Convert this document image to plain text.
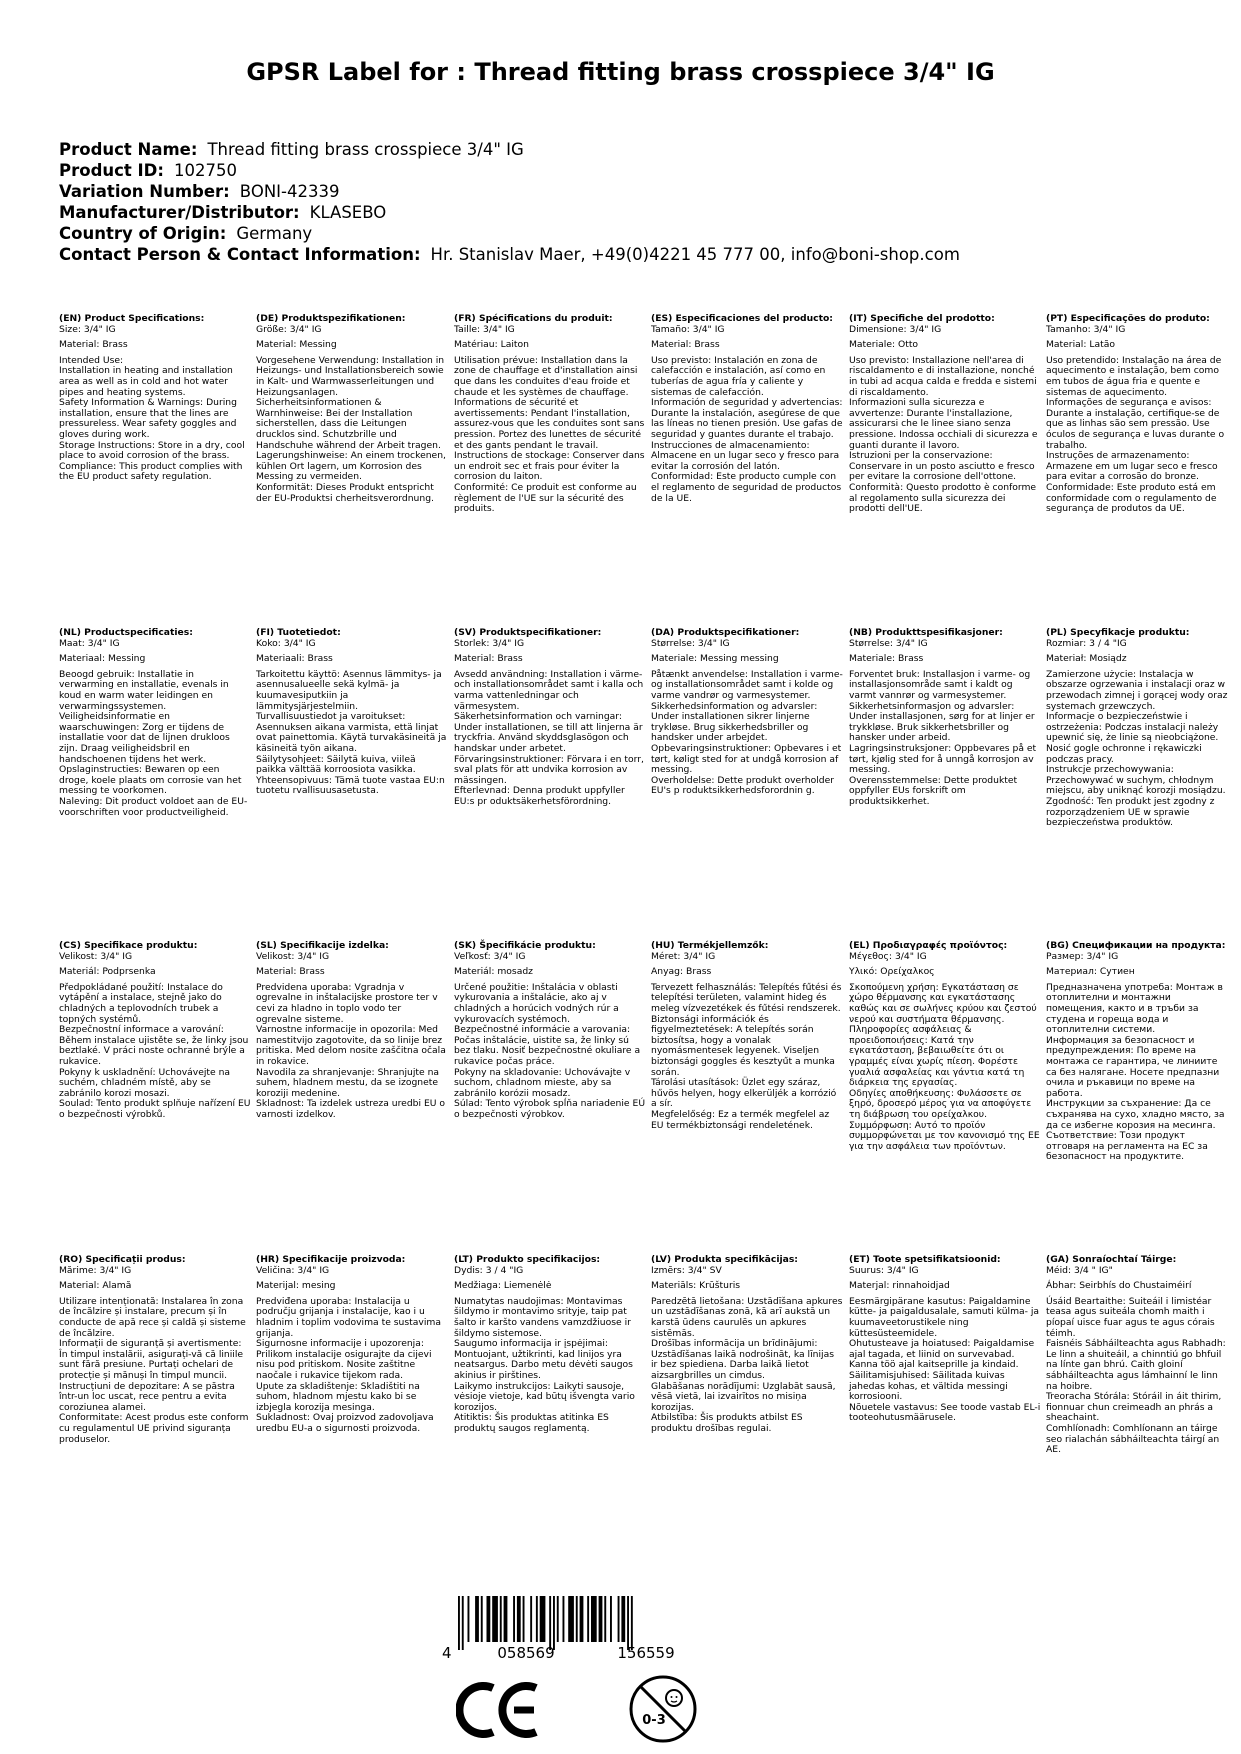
GPSR Label for : Thread fitting brass crosspiece 3/4" IG
Product Name: Thread fitting brass crosspiece 3/4" IG
Product ID: 102750
Variation Number: BONI-42339
Manufacturer/Distributor: KLASEBO
Country of Origin: Germany
Contact Person & Contact Information: Hr. Stanislav Maer, +49(0)4221 45 777 00, info@boni-shop.com

(EN) Product Specifications:

Size: 3/4" IG

Material: Brass

Intended Use:
Installation in heating and installation area as well as in cold and hot water pipes and heating systems.
Safety Information & Warnings: During installation, ensure that the lines are pressureless. Wear safety goggles and gloves during work.
Storage Instructions: Store in a dry, cool place to avoid corrosion of the brass.
Compliance: This product complies with the EU product safety regulation.

(DE) Produktspezifikationen:

Größe: 3/4" IG

Material: Messing

Vorgesehene Verwendung: Installation in Heizungs- und Installationsbereich sowie in Kalt- und Warmwasserleitungen und Heizungsanlagen.
Sicherheitsinformationen & Warnhinweise: Bei der Installation sicherstellen, dass die Leitungen drucklos sind. Schutzbrille und Handschuhe während der Arbeit tragen.
Lagerungshinweise: An einem trockenen, kühlen Ort lagern, um Korrosion des Messing zu vermeiden.
Konformität: Dieses Produkt entspricht der EU-Produktsi cherheitsverordnung.

(FR) Spécifications du produit:

Taille: 3/4" IG

Matériau: Laiton

Utilisation prévue: Installation dans la zone de chauffage et d'installation ainsi que dans les conduites d'eau froide et chaude et les systèmes de chauffage.
Informations de sécurité et avertissements: Pendant l'installation, assurez-vous que les conduites sont sans pression. Portez des lunettes de sécurité et des gants pendant le travail.
Instructions de stockage: Conserver dans un endroit sec et frais pour éviter la corrosion du laiton.
Conformité: Ce produit est conforme au règlement de l'UE sur la sécurité des produits.

(ES) Especificaciones del producto:

Tamaño: 3/4" IG

Material: Brass

Uso previsto: Instalación en zona de calefacción e instalación, así como en tuberías de agua fría y caliente y sistemas de calefacción.
Información de seguridad y advertencias: Durante la instalación, asegúrese de que las líneas no tienen presión. Use gafas de seguridad y guantes durante el trabajo.
Instrucciones de almacenamiento: Almacene en un lugar seco y fresco para evitar la corrosión del latón.
Conformidad: Este producto cumple con el reglamento de seguridad de productos de la UE.

(IT) Specifiche del prodotto:

Dimensione: 3/4" IG

Materiale: Otto

Uso previsto: Installazione nell'area di riscaldamento e di installazione, nonché in tubi ad acqua calda e fredda e sistemi di riscaldamento.
Informazioni sulla sicurezza e avvertenze: Durante l'installazione, assicurarsi che le linee siano senza pressione. Indossa occhiali di sicurezza e guanti durante il lavoro.
Istruzioni per la conservazione: Conservare in un posto asciutto e fresco per evitare la corrosione dell'ottone.
Conformità: Questo prodotto è conforme al regolamento sulla sicurezza dei prodotti dell'UE.

(PT) Especificações do produto:

Tamanho: 3/4" IG

Material: Latão

Uso pretendido: Instalação na área de aquecimento e instalação, bem como em tubos de água fria e quente e sistemas de aquecimento.
Informações de segurança e avisos: Durante a instalação, certifique-se de que as linhas são sem pressão. Use óculos de segurança e luvas durante o trabalho.
Instruções de armazenamento: Armazene em um lugar seco e fresco para evitar a corrosão do bronze.
Conformidade: Este produto está em conformidade com o regulamento de segurança de produtos da UE.

(NL) Productspecificaties:

Maat: 3/4" IG

Materiaal: Messing

Beoogd gebruik: Installatie in verwarming en installatie, evenals in koud en warm water leidingen en verwarmingssystemen.
Veiligheidsinformatie en waarschuwingen: Zorg er tijdens de installatie voor dat de lijnen drukloos zijn. Draag veiligheidsbril en handschoenen tijdens het werk.
Opslaginstructies: Bewaren op een droge, koele plaats om corrosie van het messing te voorkomen.
Naleving: Dit product voldoet aan de EU-voorschriften voor productveiligheid.

(FI) Tuotetiedot:

Koko: 3/4" IG

Materiaali: Brass

Tarkoitettu käyttö: Asennus lämmitys- ja asennusalueelle sekä kylmä- ja kuumavesiputkiin ja lämmitysjärjestelmiin.
Turvallisuustiedot ja varoitukset: Asennuksen aikana varmista, että linjat ovat painettomia. Käytä turvakäsineitä ja käsineitä työn aikana.
Säilytysohjeet: Säilytä kuiva, viileä paikka välttää korroosiota vasikka.
Yhteensopivuus: Tämä tuote vastaa EU:n tuotetu rvallisuusasetusta.

(SV) Produktspecifikationer:

Storlek: 3/4" IG

Material: Brass

Avsedd användning: Installation i värme- och installationsområdet samt i kalla och varma vattenledningar och värmesystem.
Säkerhetsinformation och varningar: Under installationen, se till att linjerna är tryckfria. Använd skyddsglasögon och handskar under arbetet.
Förvaringsinstruktioner: Förvara i en torr, sval plats för att undvika korrosion av mässingen.
Efterlevnad: Denna produkt uppfyller EU:s pr oduktsäkerhetsförordning.

(DA) Produktspecifikationer:

Størrelse: 3/4" IG

Materiale: Messing messing

Påtænkt anvendelse: Installation i varme- og installationsområdet samt i kolde og varme vandrør og varmesystemer.
Sikkerhedsinformation og advarsler: Under installationen sikrer linjerne trykløse. Brug sikkerhedsbriller og handsker under arbejdet.
Opbevaringsinstruktioner: Opbevares i et tørt, køligt sted for at undgå korrosion af messing.
Overholdelse: Dette produkt overholder EU's p roduktsikkerhedsforordnin g.

(NB) Produkttspesifikasjoner:

Størrelse: 3/4" IG

Materiale: Brass

Forventet bruk: Installasjon i varme- og installasjonsområde samt i kaldt og varmt vannrør og varmesystemer.
Sikkerhetsinformasjon og advarsler: Under installasjonen, sørg for at linjer er trykkløse. Bruk sikkerhetsbriller og hansker under arbeid.
Lagringsinstruksjoner: Oppbevares på et tørt, kjølig sted for å unngå korrosjon av messing.
Overensstemmelse: Dette produktet oppfyller EUs forskrift om produktsikkerhet.

(PL) Specyfikacje produktu:

Rozmiar: 3 / 4 "IG

Materiał: Mosiądz

Zamierzone użycie: Instalacja w obszarze ogrzewania i instalacji oraz w przewodach zimnej i gorącej wody oraz systemach grzewczych.
Informacje o bezpieczeństwie i ostrzeżenia: Podczas instalacji należy upewnić się, że linie są nieobciążone. Nosić gogle ochronne i rękawiczki podczas pracy.
Instrukcje przechowywania: Przechowywać w suchym, chłodnym miejscu, aby uniknąć korozji mosiądzu.
Zgodność: Ten produkt jest zgodny z rozporządzeniem UE w sprawie bezpieczeństwa produktów.

(CS) Specifikace produktu:

Velikost: 3/4" IG

Materiál: Podprsenka

Předpokládané použití: Instalace do vytápění a instalace, stejně jako do chladných a teplovodních trubek a topných systémů.
Bezpečnostní informace a varování: Během instalace ujistěte se, že linky jsou beztlaké. V práci noste ochranné brýle a rukavice.
Pokyny k uskladnění: Uchovávejte na suchém, chladném místě, aby se zabránilo korozi mosazi.
Soulad: Tento produkt splňuje nařízení EU o bezpečnosti výrobků.

(SL) Specifikacije izdelka:

Velikost: 3/4" IG

Material: Brass

Predvidena uporaba: Vgradnja v ogrevalne in inštalacijske prostore ter v cevi za hladno in toplo vodo ter ogrevalne sisteme.
Varnostne informacije in opozorila: Med namestitvijo zagotovite, da so linije brez pritiska. Med delom nosite zaščitna očala in rokavice.
Navodila za shranjevanje: Shranjujte na suhem, hladnem mestu, da se izognete koroziji medenine.
Skladnost: Ta izdelek ustreza uredbi EU o varnosti izdelkov.

(SK) Špecifikácie produktu:

Veľkosť: 3/4" IG

Materiál: mosadz

Určené použitie: Inštalácia v oblasti vykurovania a inštalácie, ako aj v chladných a horúcich vodných rúr a vykurovacích systémoch.
Bezpečnostné informácie a varovania: Počas inštalácie, uistite sa, že linky sú bez tlaku. Nosiť bezpečnostné okuliare a rukavice počas práce.
Pokyny na skladovanie: Uchovávajte v suchom, chladnom mieste, aby sa zabránilo korózii mosadz.
Súlad: Tento výrobok spĺňa nariadenie EÚ o bezpečnosti výrobkov.

(HU) Termékjellemzők:

Méret: 3/4" IG

Anyag: Brass

Tervezett felhasználás: Telepítés fűtési és telepítési területen, valamint hideg és meleg vízvezetékek és fűtési rendszerek.
Biztonsági információk és figyelmeztetések: A telepítés során biztosítsa, hogy a vonalak nyomásmentesek legyenek. Viseljen biztonsági goggles és kesztyűt a munka során.
Tárolási utasítások: Üzlet egy száraz, hűvös helyen, hogy elkerüljék a korrózió a sír.
Megfelelőség: Ez a termék megfelel az EU termékbiztonsági rendeletének.

(EL) Προδιαγραφές προϊόντος:

Μέγεθος: 3/4" IG

Υλικό: Ορείχαλκος

Σκοπούμενη χρήση: Εγκατάσταση σε χώρο θέρμανσης και εγκατάστασης καθώς και σε σωλήνες κρύου και ζεστού νερού και συστήματα θέρμανσης.
Πληροφορίες ασφάλειας & προειδοποιήσεις: Κατά την εγκατάσταση, βεβαιωθείτε ότι οι γραμμές είναι χωρίς πίεση. Φορέστε γυαλιά ασφαλείας και γάντια κατά τη διάρκεια της εργασίας.
Οδηγίες αποθήκευσης: Φυλάσσετε σε ξηρό, δροσερό μέρος για να αποφύγετε τη διάβρωση του ορείχαλκου.
Συμμόρφωση: Αυτό το προϊόν συμμορφώνεται με τον κανονισμό της ΕΕ για την ασφάλεια των προϊόντων.

(BG) Спецификации на продукта:

Размер: 3/4" IG

Материал: Сутиен

Предназначена употреба: Монтаж в отоплителни и монтажни помещения, както и в тръби за студена и гореща вода и отоплителни системи.
Информация за безопасност и предупреждения: По време на монтажа се гарантира, че линиите са без налягане. Носете предпазни очила и ръкавици по време на работа.
Инструкции за съхранение: Да се съхранява на сухо, хладно място, за да се избегне корозия на месинга.
Съответствие: Този продукт отговаря на регламента на ЕС за безопасност на продуктите.

(RO) Specificații produs:

Mărime: 3/4" IG

Material: Alamă

Utilizare intenționată: Instalarea în zona de încălzire și instalare, precum și în conducte de apă rece și caldă și sisteme de încălzire.
Informații de siguranță și avertismente: În timpul instalării, asigurați-vă că liniile sunt fără presiune. Purtați ochelari de protecție și mănuși în timpul muncii.
Instrucțiuni de depozitare: A se păstra într-un loc uscat, rece pentru a evita coroziunea alamei.
Conformitate: Acest produs este conform cu regulamentul UE privind siguranța produselor.

(HR) Specifikacije proizvoda:

Veličina: 3/4" IG

Materijal: mesing

Predviđena uporaba: Instalacija u području grijanja i instalacije, kao i u hladnim i toplim vodovima te sustavima grijanja.
Sigurnosne informacije i upozorenja: Prilikom instalacije osigurajte da cijevi nisu pod pritiskom. Nosite zaštitne naočale i rukavice tijekom rada.
Upute za skladištenje: Skladištiti na suhom, hladnom mjestu kako bi se izbjegla korozija mesinga.
Sukladnost: Ovaj proizvod zadovoljava uredbu EU-a o sigurnosti proizvoda.

(LT) Produkto specifikacijos:

Dydis: 3 / 4 "IG

Medžiaga: Liemenėlė

Numatytas naudojimas: Montavimas šildymo ir montavimo srityje, taip pat šalto ir karšto vandens vamzdžiuose ir šildymo sistemose.
Saugumo informacija ir įspėjimai: Montuojant, užtikrinti, kad linijos yra neatsargus. Darbo metu dėvėti saugos akinius ir pirštines.
Laikymo instrukcijos: Laikyti sausoje, vėsioje vietoje, kad būtų išvengta vario korozijos.
Atitiktis: Šis produktas atitinka ES produktų saugos reglamentą.

(LV) Produkta specifikācijas:

Izmērs: 3/4" SV

Materiāls: Krūšturis

Paredzētā lietošana: Uzstādīšana apkures un uzstādīšanas zonā, kā arī aukstā un karstā ūdens caurulēs un apkures sistēmās.
Drošības informācija un brīdinājumi: Uzstādīšanas laikā nodrošināt, ka līnijas ir bez spiediena. Darba laikā lietot aizsargbrilles un cimdus.
Glabāšanas norādījumi: Uzglabāt sausā, vēsā vietā, lai izvairītos no misiņa korozijas.
Atbilstība: Šis produkts atbilst ES produktu drošības regulai.

(ET) Toote spetsifikatsioonid:

Suurus: 3/4" IG

Materjal: rinnahoidjad

Eesmärgipärane kasutus: Paigaldamine kütte- ja paigaldusalale, samuti külma- ja kuumaveetorustikele ning küttesüsteemidele.
Ohutusteave ja hoiatused: Paigaldamise ajal tagada, et liinid on survevabad. Kanna töö ajal kaitseprille ja kindaid.
Säilitamisjuhised: Säilitada kuivas jahedas kohas, et vältida messingi korrosiooni.
Nõuetele vastavus: See toode vastab EL-i tooteohutusmäärusele.

(GA) Sonraíochtaí Táirge:

Méid: 3/4 " IG"

Ábhar: Seirbhís do Chustaiméirí

Úsáid Beartaithe: Suiteáil i limistéar teasa agus suiteála chomh maith i píopaí uisce fuar agus te agus córais téimh.
Faisnéis Sábháilteachta agus Rabhadh: Le linn a shuiteáil, a chinntiú go bhfuil na línte gan bhrú. Caith gloiní sábháilteachta agus lámhainní le linn na hoibre.
Treoracha Stórála: Stóráil in áit thirim, fionnuar chun creimeadh an phrás a sheachaint.
Comhlíonadh: Comhlíonann an táirge seo rialachán sábháilteachta táirgí an AE.

4	058569	156559
0-3
